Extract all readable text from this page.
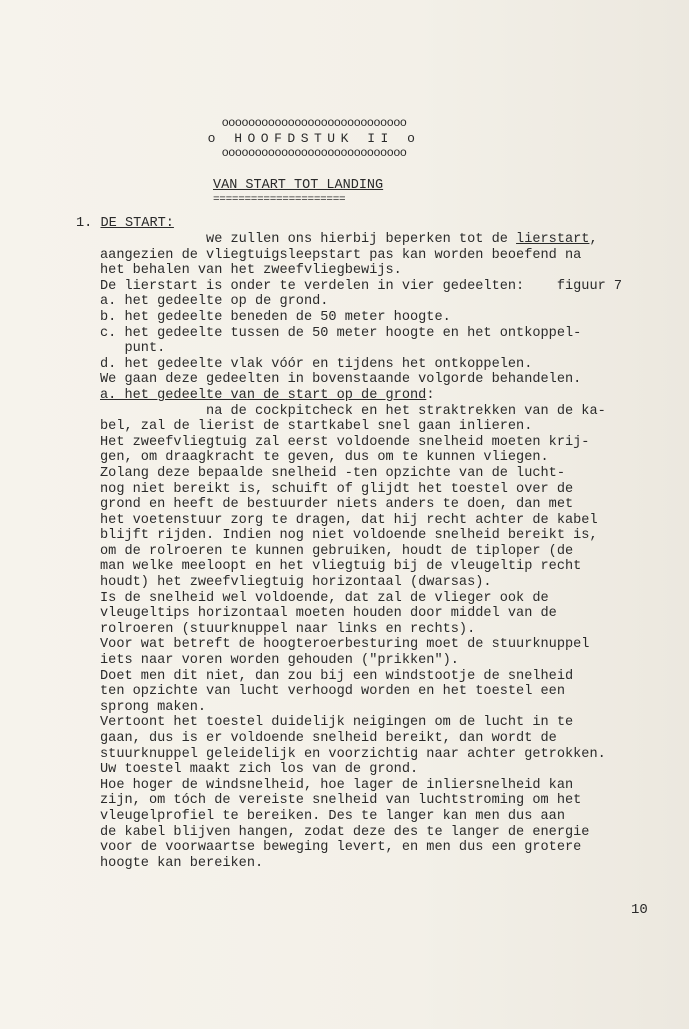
oooooooooooooooooooooooooooo
o HOOFDSTUK II o
oooooooooooooooooooooooooooo
VAN START TOT LANDING
=====================
1. DE START:
we zullen ons hierbij beperken tot de lierstart,
aangezien de vliegtuigsleepstart pas kan worden beoefend na
het behalen van het zweefvliegbewijs.
De lierstart is onder te verdelen in vier gedeelten:    figuur 7
a. het gedeelte op de grond.
b. het gedeelte beneden de 50 meter hoogte.
c. het gedeelte tussen de 50 meter hoogte en het ontkoppel-
punt.
d. het gedeelte vlak vóór en tijdens het ontkoppelen.
We gaan deze gedeelten in bovenstaande volgorde behandelen.
a. het gedeelte van de start op de grond:
na de cockpitcheck en het straktrekken van de ka-
bel, zal de lierist de startkabel snel gaan inlieren.
Het zweefvliegtuig zal eerst voldoende snelheid moeten krij-
gen, om draagkracht te geven, dus om te kunnen vliegen.
Zolang deze bepaalde snelheid -ten opzichte van de lucht-
nog niet bereikt is, schuift of glijdt het toestel over de
grond en heeft de bestuurder niets anders te doen, dan met
het voetenstuur zorg te dragen, dat hij recht achter de kabel
blijft rijden. Indien nog niet voldoende snelheid bereikt is,
om de rolroeren te kunnen gebruiken, houdt de tiploper (de
man welke meeloopt en het vliegtuig bij de vleugeltip recht
houdt) het zweefvliegtuig horizontaal (dwarsas).
Is de snelheid wel voldoende, dat zal de vlieger ook de
vleugeltips horizontaal moeten houden door middel van de
rolroeren (stuurknuppel naar links en rechts).
Voor wat betreft de hoogteroerbesturing moet de stuurknuppel
iets naar voren worden gehouden ("prikken").
Doet men dit niet, dan zou bij een windstootje de snelheid
ten opzichte van lucht verhoogd worden en het toestel een
sprong maken.
Vertoont het toestel duidelijk neigingen om de lucht in te
gaan, dus is er voldoende snelheid bereikt, dan wordt de
stuurknuppel geleidelijk en voorzichtig naar achter getrokken.
Uw toestel maakt zich los van de grond.
Hoe hoger de windsnelheid, hoe lager de inliersnelheid kan
zijn, om tóch de vereiste snelheid van luchtstroming om het
vleugelprofiel te bereiken. Des te langer kan men dus aan
de kabel blijven hangen, zodat deze des te langer de energie
voor de voorwaartse beweging levert, en men dus een grotere
hoogte kan bereiken.
10
